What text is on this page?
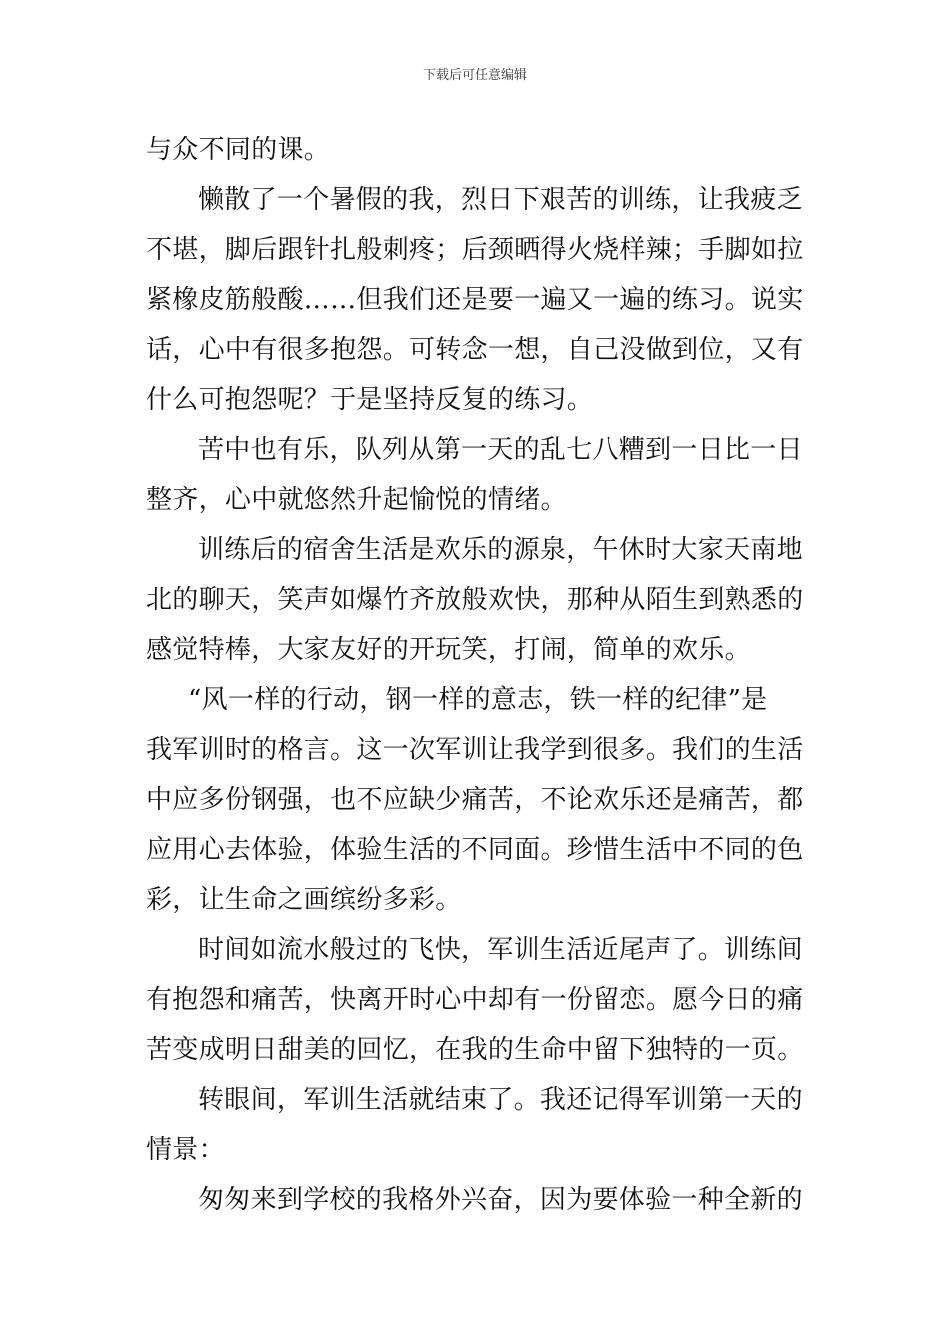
下载后可任意编辑
与众不同的课。
懒散了一个暑假的我，烈日下艰苦的训练，让我疲乏
不堪，脚后跟针扎般刺疼；后颈晒得火烧样辣；手脚如拉
紧橡皮筋般酸……但我们还是要一遍又一遍的练习。说实
话，心中有很多抱怨。可转念一想，自己没做到位，又有
什么可抱怨呢？于是坚持反复的练习。
苦中也有乐，队列从第一天的乱七八糟到一日比一日
整齐，心中就悠然升起愉悦的情绪。
训练后的宿舍生活是欢乐的源泉，午休时大家天南地
北的聊天，笑声如爆竹齐放般欢快，那种从陌生到熟悉的
感觉特棒，大家友好的开玩笑，打闹，简单的欢乐。
“风一样的行动，钢一样的意志，铁一样的纪律”是
我军训时的格言。这一次军训让我学到很多。我们的生活
中应多份钢强，也不应缺少痛苦，不论欢乐还是痛苦，都
应用心去体验，体验生活的不同面。珍惜生活中不同的色
彩，让生命之画缤纷多彩。
时间如流水般过的飞快，军训生活近尾声了。训练间
有抱怨和痛苦，快离开时心中却有一份留恋。愿今日的痛
苦变成明日甜美的回忆，在我的生命中留下独特的一页。
转眼间，军训生活就结束了。我还记得军训第一天的
情景：
匆匆来到学校的我格外兴奋，因为要体验一种全新的
